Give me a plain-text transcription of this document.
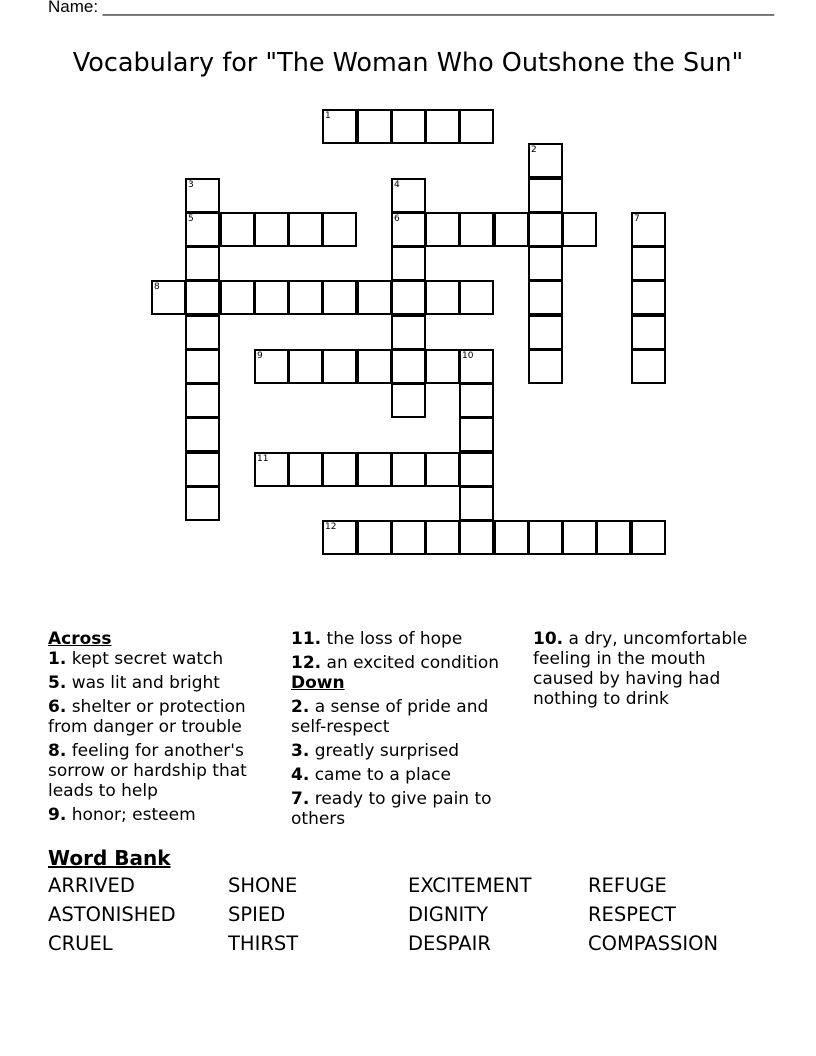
Name: _______________________________________________________________________
Vocabulary for "The Woman Who Outshone the Sun"
1
2
3
5
4
6	7
8
9	10
11
12
Across
1. kept secret watch
5. was lit and bright
6. shelter or protection from danger or trouble
8. feeling for another's sorrow or hardship that leads to help
9. honor; esteem
11. the loss of hope
12. an excited condition
Down
2. a sense of pride and self-respect
3. greatly surprised
4. came to a place
7. ready to give pain to others
10. a dry, uncomfortable feeling in the mouth caused by having had nothing to drink
Word Bank
ARRIVED	SHONE	EXCITEMENT	REFUGE
ASTONISHED	SPIED	DIGNITY	RESPECT
CRUEL	THIRST	DESPAIR	COMPASSION
